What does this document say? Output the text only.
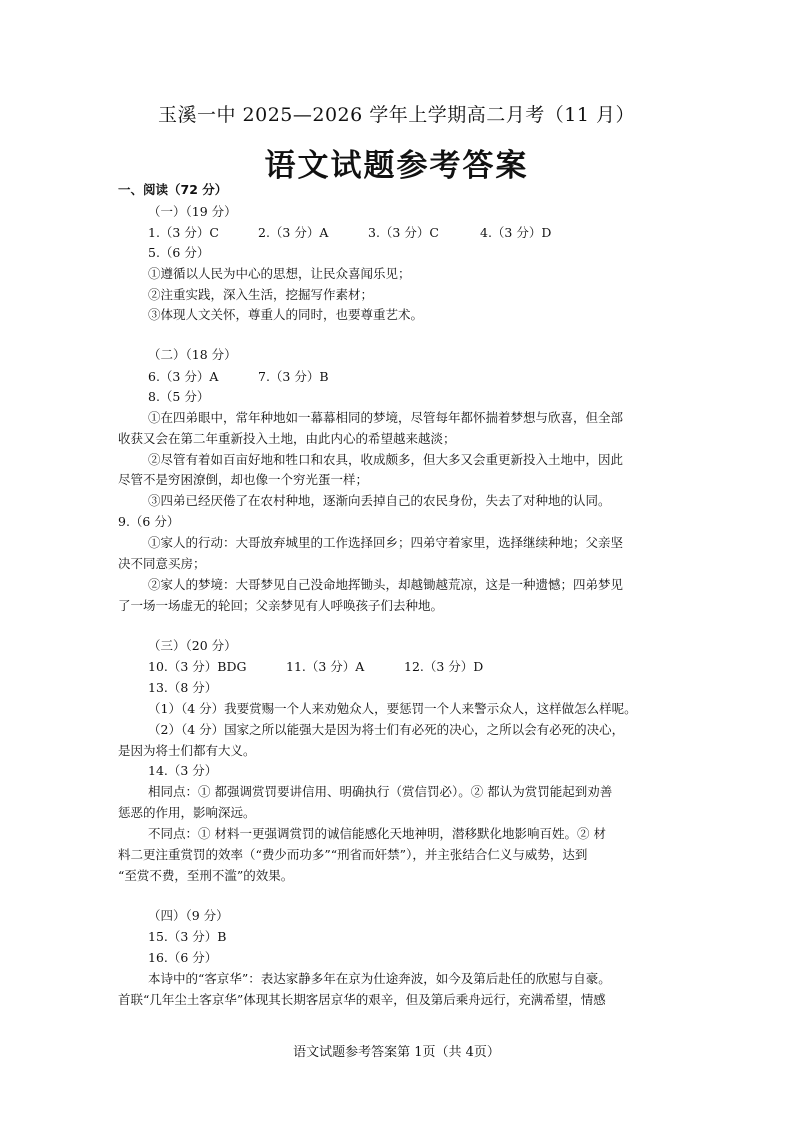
玉溪一中 2025—2026 学年上学期高二月考（11 月）
语文试题参考答案
一、阅读（72 分）
（一）（19 分）
1.（3 分）C	2.（3 分）A	3.（3 分）C	4.（3 分）D
5.（6 分）
①遵循以人民为中心的思想，让民众喜闻乐见；
②注重实践，深入生活，挖掘写作素材；
③体现人文关怀，尊重人的同时，也要尊重艺术。
（二）（18 分）
6.（3 分）A	7.（3 分）B
8.（5 分）
①在四弟眼中，常年种地如一幕幕相同的梦境，尽管每年都怀揣着梦想与欣喜，但全部
收获又会在第二年重新投入土地，由此内心的希望越来越淡；
②尽管有着如百亩好地和牲口和农具，收成颇多，但大多又会重更新投入土地中，因此
尽管不是穷困潦倒，却也像一个穷光蛋一样；
③四弟已经厌倦了在农村种地，逐渐向丢掉自己的农民身份，失去了对种地的认同。
9.（6 分）
①家人的行动：大哥放弃城里的工作选择回乡；四弟守着家里，选择继续种地；父亲坚
决不同意买房；
②家人的梦境：大哥梦见自己没命地挥锄头，却越锄越荒凉，这是一种遗憾；四弟梦见
了一场一场虚无的轮回；父亲梦见有人呼唤孩子们去种地。
（三）（20 分）
10.（3 分）BDG	11.（3 分）A	12.（3 分）D
13.（8 分）
（1）（4 分）我要赏赐一个人来劝勉众人，要惩罚一个人来警示众人，这样做怎么样呢。
（2）（4 分）国家之所以能强大是因为将士们有必死的决心，之所以会有必死的决心，
是因为将士们都有大义。
14.（3 分）
相同点：① 都强调赏罚要讲信用、明确执行（赏信罚必）。② 都认为赏罚能起到劝善
惩恶的作用，影响深远。
不同点：① 材料一更强调赏罚的诚信能感化天地神明，潜移默化地影响百姓。② 材
料二更注重赏罚的效率（“费少而功多”“刑省而奸禁”），并主张结合仁义与威势，达到
“至赏不费，至刑不滥”的效果。
（四）（9 分）
15.（3 分）B
16.（6 分）
本诗中的“客京华”：表达家静多年在京为仕途奔波，如今及第后赴任的欣慰与自豪。
首联“几年尘土客京华”体现其长期客居京华的艰辛，但及第后乘舟远行，充满希望，情感
语文试题参考答案第 1页（共 4页）
